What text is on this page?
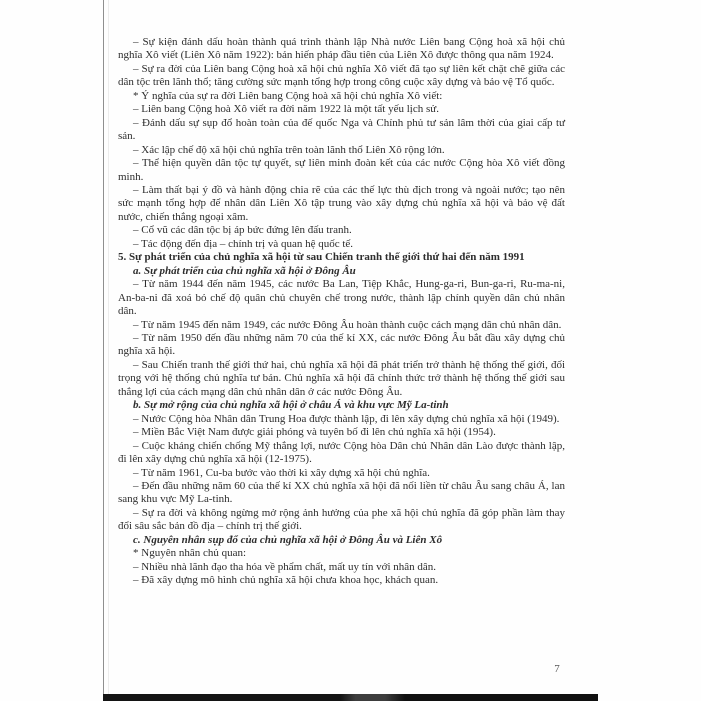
– Sự kiện đánh dấu hoàn thành quá trình thành lập Nhà nước Liên bang Cộng hoà xã hội chủ nghĩa Xô viết (Liên Xô năm 1922): bản hiến pháp đầu tiên của Liên Xô được thông qua năm 1924.

– Sự ra đời của Liên bang Cộng hoà xã hội chủ nghĩa Xô viết đã tạo sự liên kết chặt chẽ giữa các dân tộc trên lãnh thổ; tăng cường sức mạnh tổng hợp trong công cuộc xây dựng và bảo vệ Tổ quốc.

* Ý nghĩa của sự ra đời Liên bang Cộng hoà xã hội chủ nghĩa Xô viết:

– Liên bang Cộng hoà Xô viết ra đời năm 1922 là một tất yếu lịch sử.

– Đánh dấu sự sụp đổ hoàn toàn của đế quốc Nga và Chính phủ tư sản lâm thời của giai cấp tư sản.

– Xác lập chế độ xã hội chủ nghĩa trên toàn lãnh thổ Liên Xô rộng lớn.

– Thể hiện quyền dân tộc tự quyết, sự liên minh đoàn kết của các nước Cộng hòa Xô viết đồng minh.

– Làm thất bại ý đồ và hành động chia rẽ của các thế lực thù địch trong và ngoài nước; tạo nên sức mạnh tổng hợp để nhân dân Liên Xô tập trung vào xây dựng chủ nghĩa xã hội và bảo vệ đất nước, chiến thắng ngoại xâm.

– Cổ vũ các dân tộc bị áp bức đứng lên đấu tranh.

– Tác động đến địa – chính trị và quan hệ quốc tế.

5. Sự phát triển của chủ nghĩa xã hội từ sau Chiến tranh thế giới thứ hai đến năm 1991

a. Sự phát triển của chủ nghĩa xã hội ở Đông Âu

– Từ năm 1944 đến năm 1945, các nước Ba Lan, Tiệp Khắc, Hung-ga-ri, Bun-ga-ri, Ru-ma-ni, An-ba-ni đã xoá bỏ chế độ quân chủ chuyên chế trong nước, thành lập chính quyền dân chủ nhân dân.

– Từ năm 1945 đến năm 1949, các nước Đông Âu hoàn thành cuộc cách mạng dân chủ nhân dân.

– Từ năm 1950 đến đầu những năm 70 của thế kỉ XX, các nước Đông Âu bắt đầu xây dựng chủ nghĩa xã hội.

– Sau Chiến tranh thế giới thứ hai, chủ nghĩa xã hội đã phát triển trở thành hệ thống thế giới, đối trọng với hệ thống chủ nghĩa tư bản. Chủ nghĩa xã hội đã chính thức trở thành hệ thống thế giới sau thắng lợi của cách mạng dân chủ nhân dân ở các nước Đông Âu.

b. Sự mở rộng của chủ nghĩa xã hội ở châu Á và khu vực Mỹ La-tinh

– Nước Cộng hòa Nhân dân Trung Hoa được thành lập, đi lên xây dựng chủ nghĩa xã hội (1949).

– Miền Bắc Việt Nam được giải phóng và tuyên bố đi lên chủ nghĩa xã hội (1954).

– Cuộc kháng chiến chống Mỹ thắng lợi, nước Cộng hòa Dân chủ Nhân dân Lào được thành lập, đi lên xây dựng chủ nghĩa xã hội (12-1975).

– Từ năm 1961, Cu-ba bước vào thời kì xây dựng xã hội chủ nghĩa.

– Đến đầu những năm 60 của thế kỉ XX chủ nghĩa xã hội đã nối liền từ châu Âu sang châu Á, lan sang khu vực Mỹ La-tinh.

– Sự ra đời và không ngừng mở rộng ảnh hưởng của phe xã hội chủ nghĩa đã góp phần làm thay đổi sâu sắc bản đồ địa – chính trị thế giới.

c. Nguyên nhân sụp đổ của chủ nghĩa xã hội ở Đông Âu và Liên Xô

* Nguyên nhân chủ quan:

– Nhiều nhà lãnh đạo tha hóa về phẩm chất, mất uy tín với nhân dân.

– Đã xây dựng mô hình chủ nghĩa xã hội chưa khoa học, khách quan.

7
